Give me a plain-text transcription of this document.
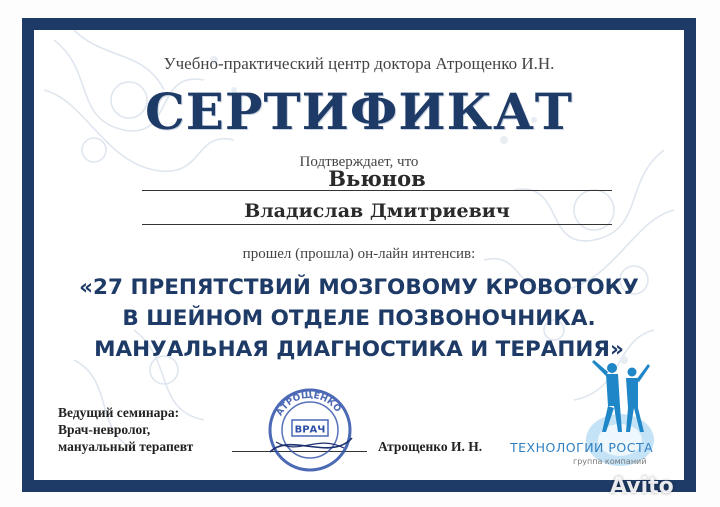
Учебно-практический центр доктора Атрощенко И.Н.
СЕРТИФИКАТ
Подтверждает, что
Вьюнов
Владислав Дмитриевич
прошел (прошла) он-лайн интенсив:
«27 ПРЕПЯТСТВИЙ МОЗГОВОМУ КРОВОТОКУ
В ШЕЙНОМ ОТДЕЛЕ ПОЗВОНОЧНИКА.
МАНУАЛЬНАЯ ДИАГНОСТИКА И ТЕРАПИЯ»
Ведущий семинара:
Врач-невролог,
мануальный терапевт
АТРОЩЕНКО
ВРАЧ
Атрощенко И. Н. ТЕХНОЛОГИИ РОСТА
группа компаний
Avito
